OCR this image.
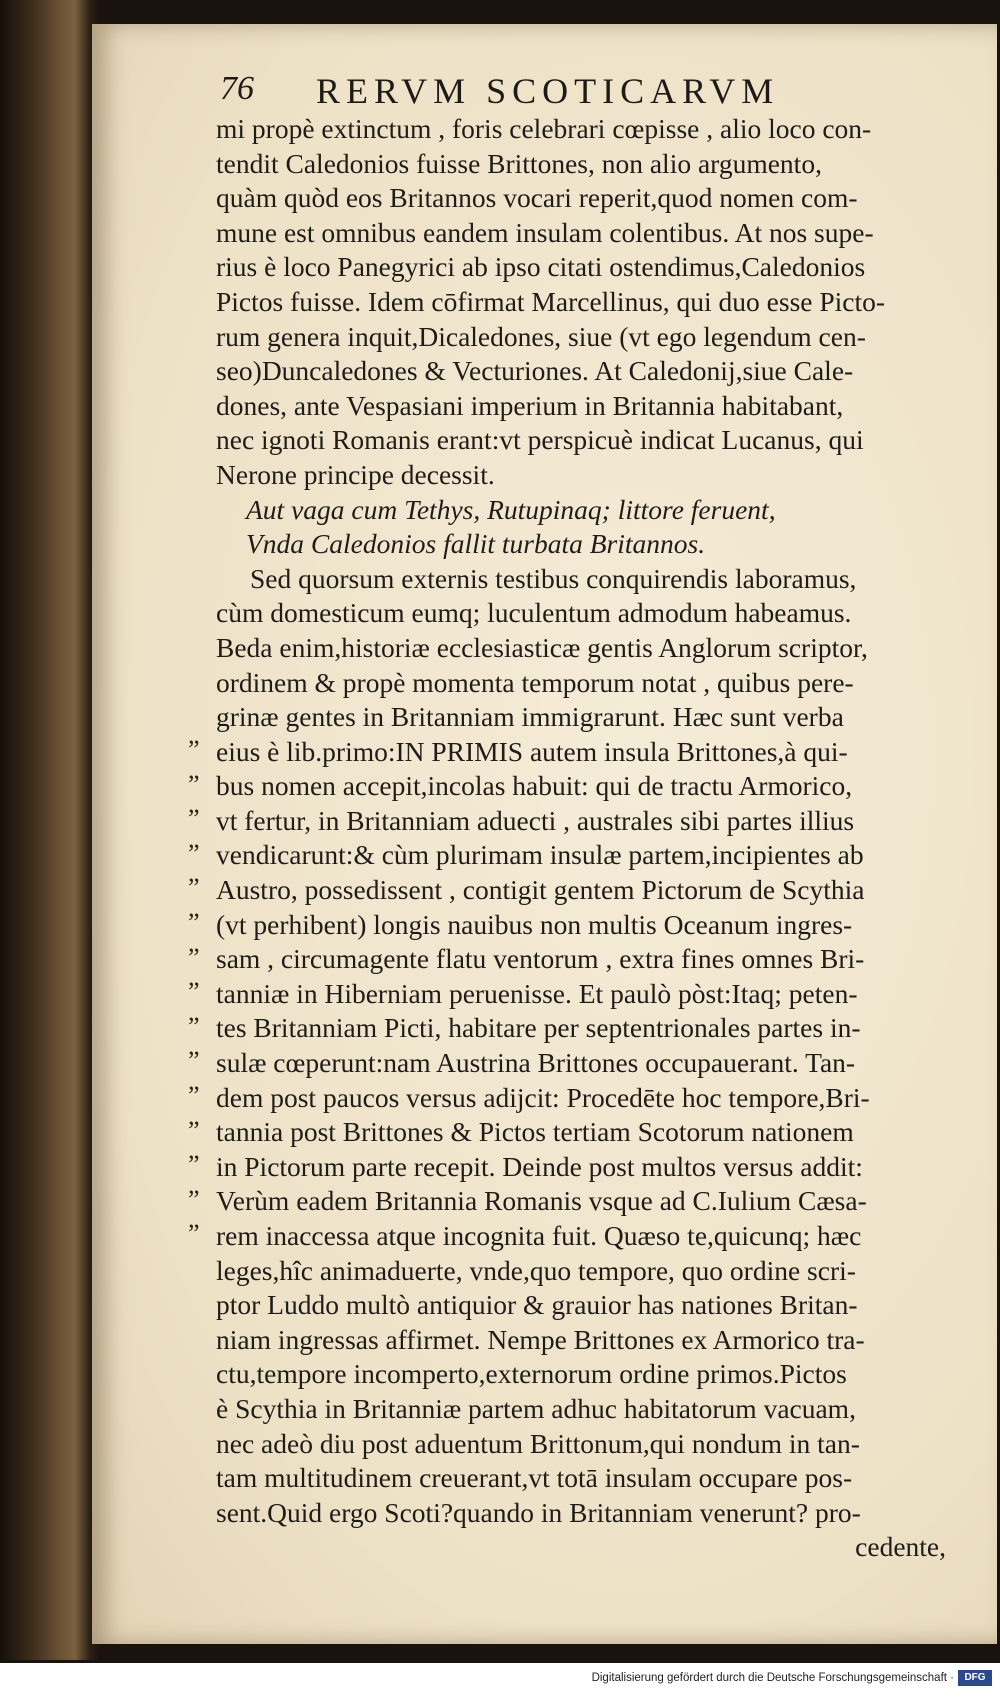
76 RERVM SCOTICARVM
mi propè extinctum , foris celebrari cœpisse , alio loco con-
tendit Caledonios fuisse Brittones, non alio argumento,
quàm quòd eos Britannos vocari reperit,quod nomen com-
mune est omnibus eandem insulam colentibus. At nos supe-
rius è loco Panegyrici ab ipso citati ostendimus,Caledonios
Pictos fuisse. Idem cōfirmat Marcellinus, qui duo esse Picto-
rum genera inquit,Dicaledones, siue (vt ego legendum cen-
seo)Duncaledones & Vecturiones. At Caledonij,siue Cale-
dones, ante Vespasiani imperium in Britannia habitabant,
nec ignoti Romanis erant:vt perspicuè indicat Lucanus, qui
Nerone principe decessit.
Aut vaga cum Tethys, Rutupinaq; littore feruent,
Vnda Caledonios fallit turbata Britannos.
Sed quorsum externis testibus conquirendis laboramus,
cùm domesticum eumq; luculentum admodum habeamus.
Beda enim,historiæ ecclesiasticæ gentis Anglorum scriptor,
ordinem & propè momenta temporum notat , quibus pere-
grinæ gentes in Britanniam immigrarunt. Hæc sunt verba
eius è lib.primo:IN PRIMIS autem insula Brittones,à qui-
bus nomen accepit,incolas habuit: qui de tractu Armorico,
vt fertur, in Britanniam aduecti , australes sibi partes illius
vendicarunt:& cùm plurimam insulæ partem,incipientes ab
Austro, possedissent , contigit gentem Pictorum de Scythia
(vt perhibent) longis nauibus non multis Oceanum ingres-
sam , circumagente flatu ventorum , extra fines omnes Bri-
tanniæ in Hiberniam peruenisse. Et paulò pòst:Itaq; peten-
tes Britanniam Picti, habitare per septentrionales partes in-
sulæ cœperunt:nam Austrina Brittones occupauerant. Tan-
dem post paucos versus adijcit: Procedēte hoc tempore,Bri-
tannia post Brittones & Pictos tertiam Scotorum nationem
in Pictorum parte recepit. Deinde post multos versus addit:
Verùm eadem Britannia Romanis vsque ad C.Iulium Cæsa-
rem inaccessa atque incognita fuit. Quæso te,quicunq; hæc
leges,hîc animaduerte, vnde,quo tempore, quo ordine scri-
ptor Luddo multò antiquior & grauior has nationes Britan-
niam ingressas affirmet. Nempe Brittones ex Armorico tra-
ctu,tempore incomperto,externorum ordine primos.Pictos
è Scythia in Britanniæ partem adhuc habitatorum vacuam,
nec adeò diu post aduentum Brittonum,qui nondum in tan-
tam multitudinem creuerant,vt totā insulam occupare pos-
sent.Quid ergo Scoti?quando in Britanniam venerunt? pro-
cedente,
”
”
”
”
”
”
”
”
”
”
”
”
”
”
”
Digitalisierung gefördert durch die Deutsche Forschungsgemeinschaft ·	DFG
